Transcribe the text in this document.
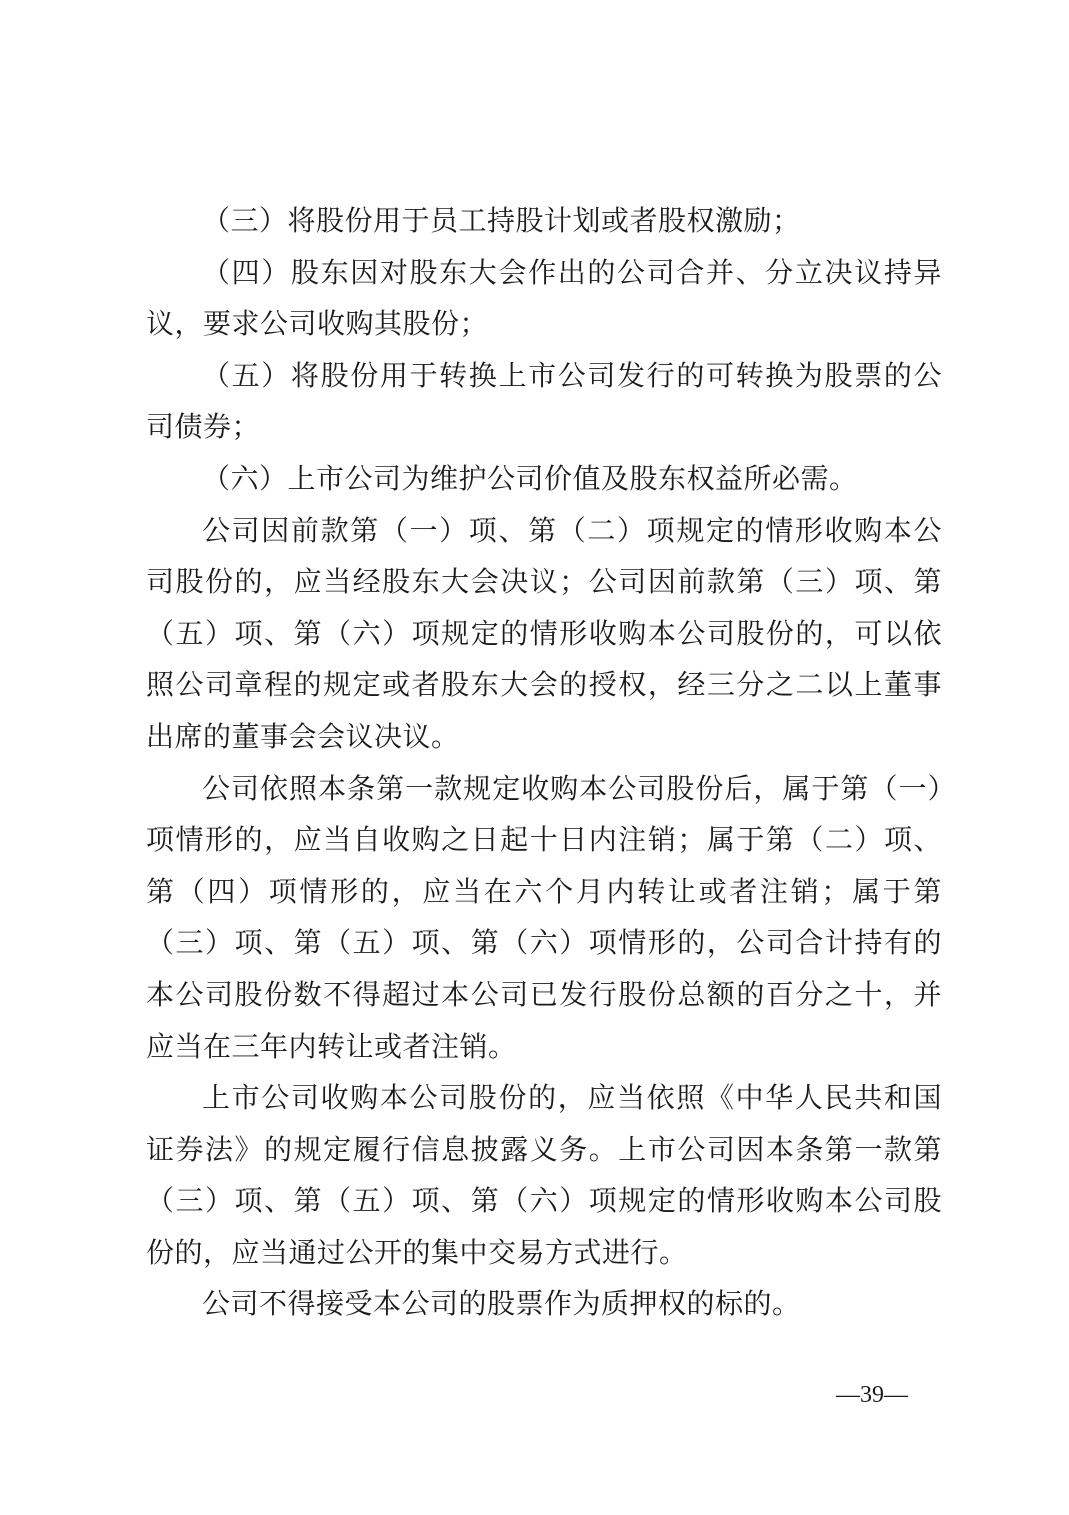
（三）将股份用于员工持股计划或者股权激励；

（四）股东因对股东大会作出的公司合并、分立决议持异议，要求公司收购其股份；

（五）将股份用于转换上市公司发行的可转换为股票的公司债券；

（六）上市公司为维护公司价值及股东权益所必需。

公司因前款第（一）项、第（二）项规定的情形收购本公司股份的，应当经股东大会决议；公司因前款第（三）项、第（五）项、第（六）项规定的情形收购本公司股份的，可以依照公司章程的规定或者股东大会的授权，经三分之二以上董事出席的董事会会议决议。

公司依照本条第一款规定收购本公司股份后，属于第（一）项情形的，应当自收购之日起十日内注销；属于第（二）项、第（四）项情形的，应当在六个月内转让或者注销；属于第（三）项、第（五）项、第（六）项情形的，公司合计持有的本公司股份数不得超过本公司已发行股份总额的百分之十，并应当在三年内转让或者注销。

上市公司收购本公司股份的，应当依照《中华人民共和国证券法》的规定履行信息披露义务。上市公司因本条第一款第（三）项、第（五）项、第（六）项规定的情形收购本公司股份的，应当通过公开的集中交易方式进行。

公司不得接受本公司的股票作为质押权的标的。

—39—
